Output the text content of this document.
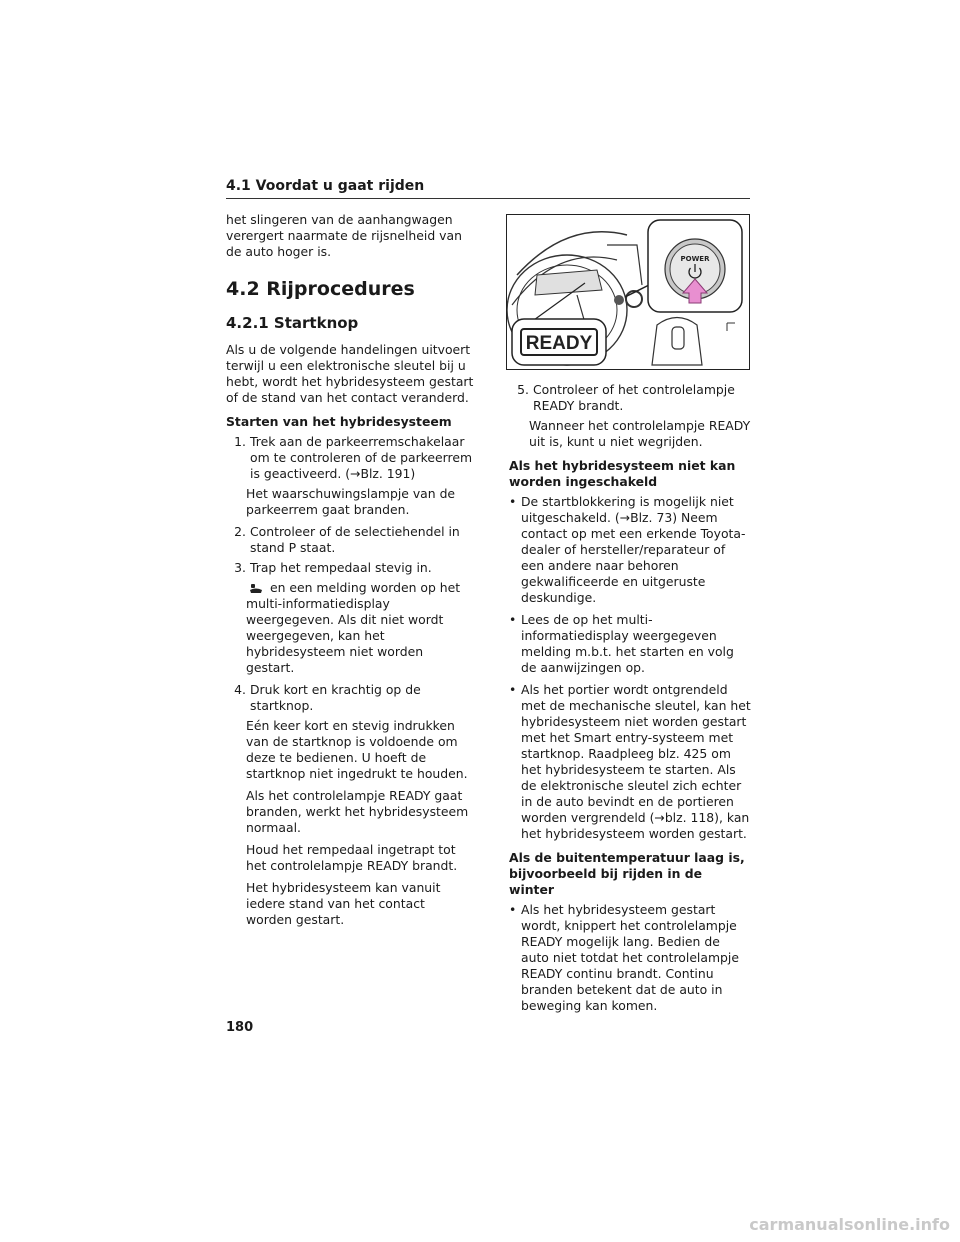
4.1 Voordat u gaat rijden

het slingeren van de aanhangwagen verergert naarmate de rijsnelheid van de auto hoger is.

4.2 Rijprocedures
4.2.1 Startknop

Als u de volgende handelingen uitvoert terwijl u een elektronische sleutel bij u hebt, wordt het hybridesysteem gestart of de stand van het contact veranderd.

Starten van het hybridesysteem
1. Trek aan de parkeerremschakelaar om te controleren of de parkeerrem is geactiveerd. (→Blz. 191)

Het waarschuwingslampje van de parkeerrem gaat branden.

2. Controleer of de selectiehendel in stand P staat.
3. Trap het rempedaal stevig in.

en een melding worden op het multi-informatiedisplay weergegeven. Als dit niet wordt weergegeven, kan het hybridesysteem niet worden gestart.

4. Druk kort en krachtig op de startknop.

Eén keer kort en stevig indrukken van de startknop is voldoende om deze te bedienen. U hoeft de startknop niet ingedrukt te houden.

Als het controlelampje READY gaat branden, werkt het hybridesysteem normaal.

Houd het rempedaal ingetrapt tot het controlelampje READY brandt.

Het hybridesysteem kan vanuit iedere stand van het contact worden gestart.

POWER
READY
5. Controleer of het controlelampje READY brandt.

Wanneer het controlelampje READY uit is, kunt u niet wegrijden.

Als het hybridesysteem niet kan worden ingeschakeld
• De startblokkering is mogelijk niet uitgeschakeld. (→Blz. 73) Neem contact op met een erkende Toyota-dealer of hersteller/reparateur of een andere naar behoren gekwalificeerde en uitgeruste deskundige.
• Lees de op het multi-informatiedisplay weergegeven melding m.b.t. het starten en volg de aanwijzingen op.
• Als het portier wordt ontgrendeld met de mechanische sleutel, kan het hybridesysteem niet worden gestart met het Smart entry-systeem met startknop. Raadpleeg blz. 425 om het hybridesysteem te starten. Als de elektronische sleutel zich echter in de auto bevindt en de portieren worden vergrendeld (→blz. 118), kan het hybridesysteem worden gestart.
Als de buitentemperatuur laag is, bijvoorbeeld bij rijden in de winter
• Als het hybridesysteem gestart wordt, knippert het controlelampje READY mogelijk lang. Bedien de auto niet totdat het controlelampje READY continu brandt. Continu branden betekent dat de auto in beweging kan komen.
180
carmanualsonline.info
